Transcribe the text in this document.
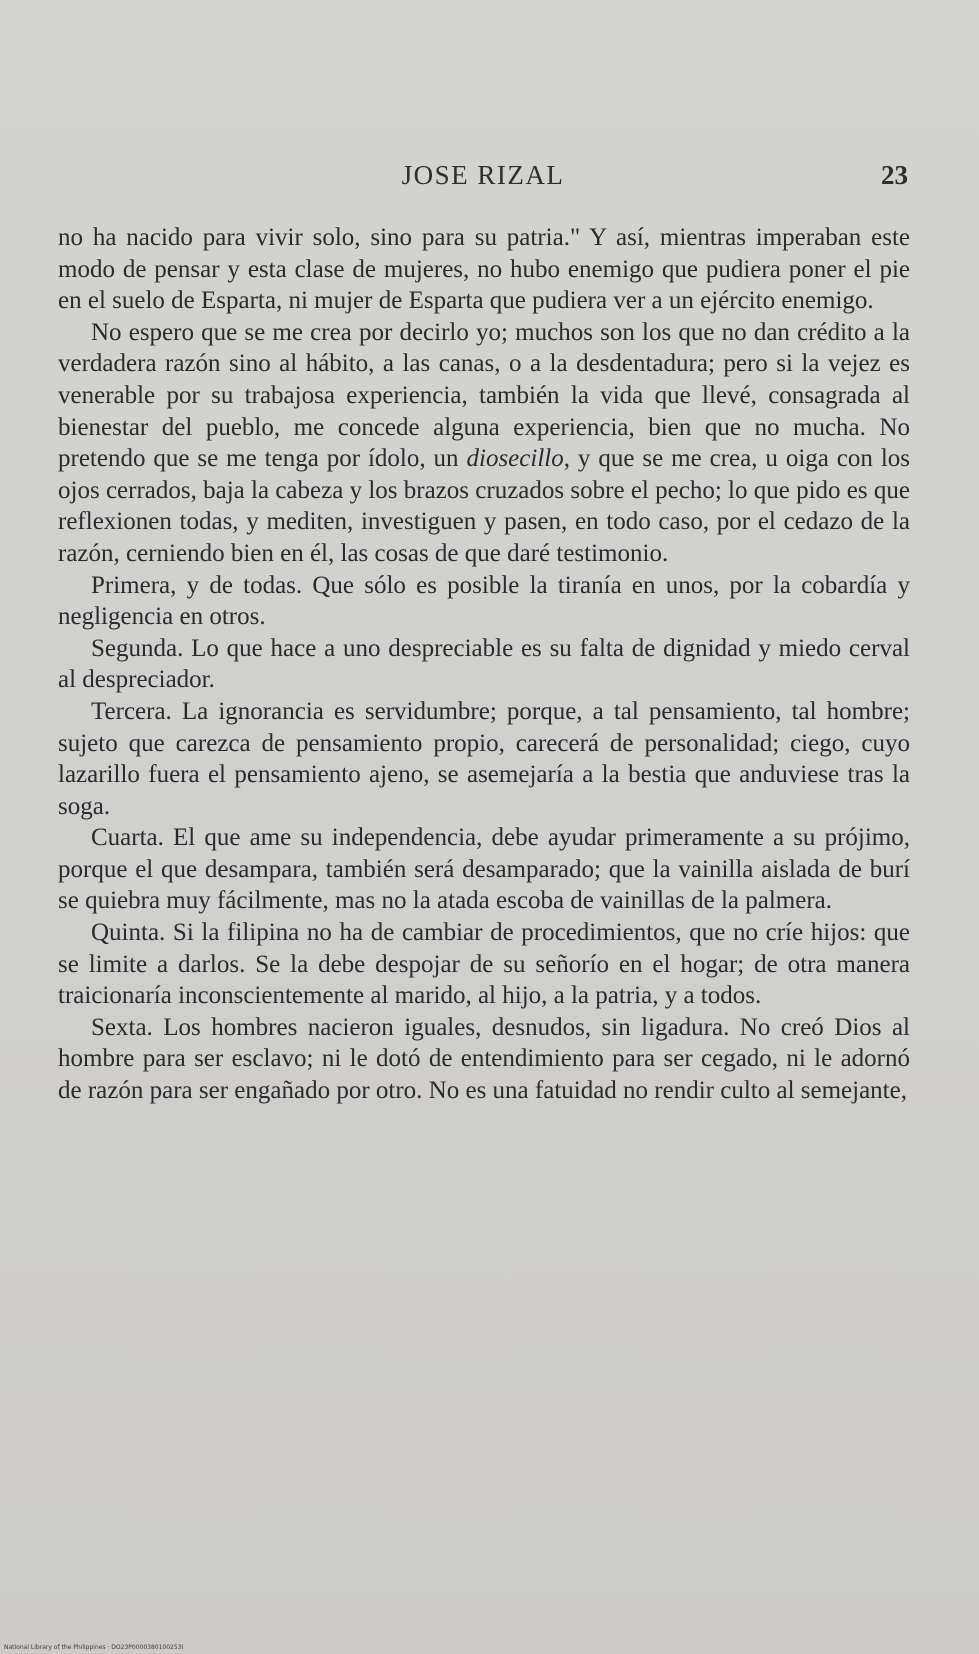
JOSE RIZAL	23

no ha nacido para vivir solo, sino para su patria." Y así, mientras imperaban este modo de pensar y esta clase de mujeres, no hubo enemigo que pudiera poner el pie en el suelo de Esparta, ni mujer de Esparta que pudiera ver a un ejército enemigo.

No espero que se me crea por decirlo yo; muchos son los que no dan crédito a la verdadera razón sino al hábito, a las canas, o a la desdentadura; pero si la vejez es venerable por su trabajosa experiencia, también la vida que llevé, consagrada al bienestar del pueblo, me concede alguna experiencia, bien que no mucha. No pretendo que se me tenga por ídolo, un diosecillo, y que se me crea, u oiga con los ojos cerrados, baja la cabeza y los brazos cruzados sobre el pecho; lo que pido es que reflexionen todas, y mediten, investiguen y pasen, en todo caso, por el cedazo de la razón, cerniendo bien en él, las cosas de que daré testimonio.

Primera, y de todas. Que sólo es posible la tiranía en unos, por la cobardía y negligencia en otros.

Segunda. Lo que hace a uno despreciable es su falta de dignidad y miedo cerval al despreciador.

Tercera. La ignorancia es servidumbre; porque, a tal pensamiento, tal hombre; sujeto que carezca de pensamiento propio, carecerá de personalidad; ciego, cuyo lazarillo fuera el pensamiento ajeno, se asemejaría a la bestia que anduviese tras la soga.

Cuarta. El que ame su independencia, debe ayudar primeramente a su prójimo, porque el que desampara, también será desamparado; que la vainilla aislada de burí se quiebra muy fácilmente, mas no la atada escoba de vainillas de la palmera.

Quinta. Si la filipina no ha de cambiar de procedimientos, que no críe hijos: que se limite a darlos. Se la debe despojar de su señorío en el hogar; de otra manera traicionaría inconscientemente al marido, al hijo, a la patria, y a todos.

Sexta. Los hombres nacieron iguales, desnudos, sin ligadura. No creó Dios al hombre para ser esclavo; ni le dotó de entendimiento para ser cegado, ni le adornó de razón para ser engañado por otro. No es una fatuidad no rendir culto al semejante,

National Library of the Philippines · DO23P0000380100253I
